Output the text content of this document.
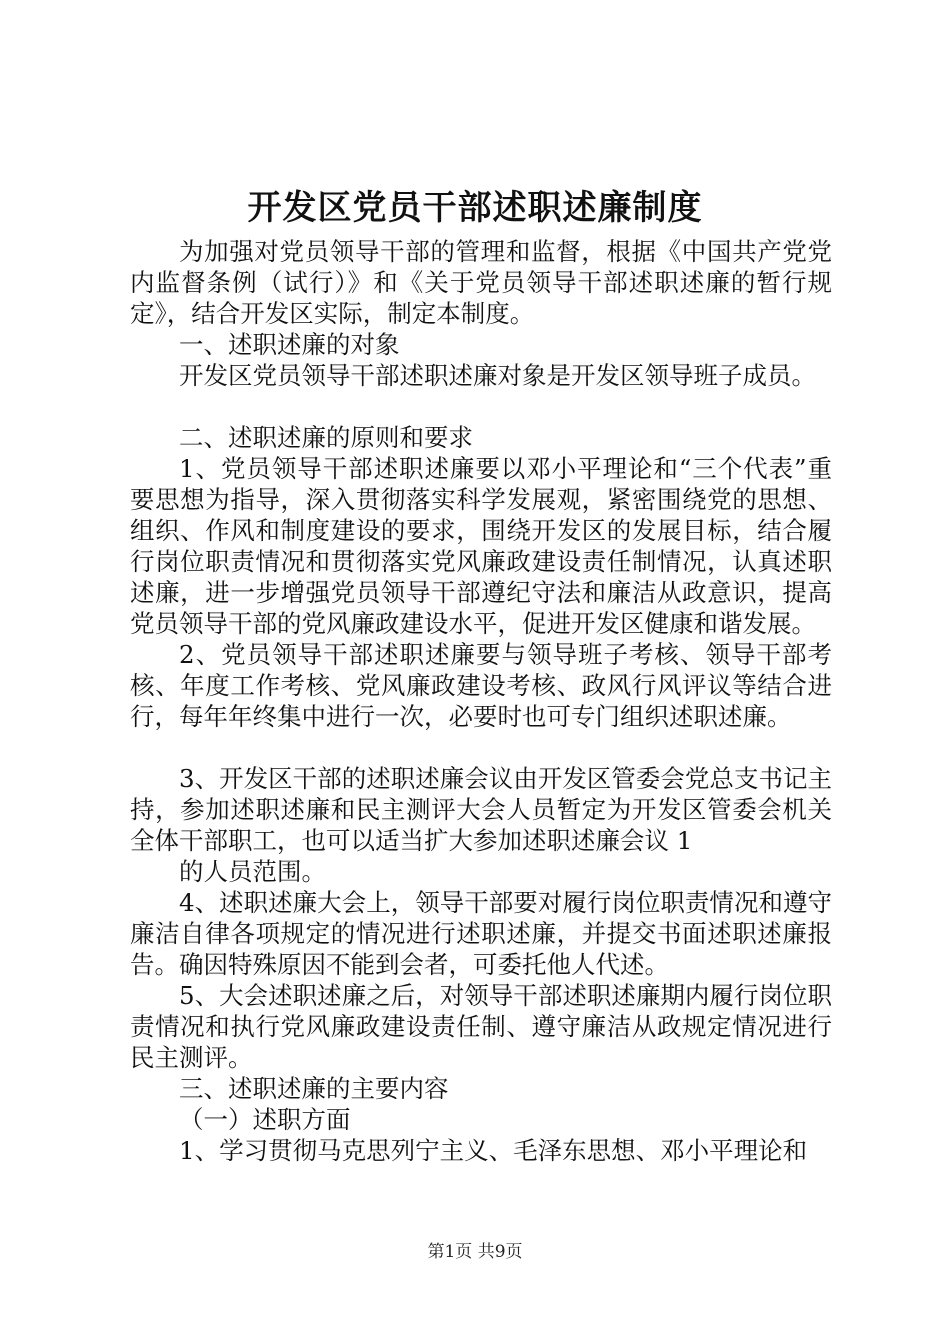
开发区党员干部述职述廉制度

为加强对党员领导干部的管理和监督，根据《中国共产党党内监督条例（试行）》和《关于党员领导干部述职述廉的暂行规定》，结合开发区实际，制定本制度。

一、述职述廉的对象

开发区党员领导干部述职述廉对象是开发区领导班子成员。

二、述职述廉的原则和要求

1、党员领导干部述职述廉要以邓小平理论和“三个代表”重要思想为指导，深入贯彻落实科学发展观，紧密围绕党的思想、组织、作风和制度建设的要求，围绕开发区的发展目标，结合履行岗位职责情况和贯彻落实党风廉政建设责任制情况，认真述职述廉，进一步增强党员领导干部遵纪守法和廉洁从政意识，提高党员领导干部的党风廉政建设水平，促进开发区健康和谐发展。

2、党员领导干部述职述廉要与领导班子考核、领导干部考核、年度工作考核、党风廉政建设考核、政风行风评议等结合进行，每年年终集中进行一次，必要时也可专门组织述职述廉。

3、开发区干部的述职述廉会议由开发区管委会党总支书记主持，参加述职述廉和民主测评大会人员暂定为开发区管委会机关全体干部职工，也可以适当扩大参加述职述廉会议 1

的人员范围。

4、述职述廉大会上，领导干部要对履行岗位职责情况和遵守廉洁自律各项规定的情况进行述职述廉，并提交书面述职述廉报告。确因特殊原因不能到会者，可委托他人代述。

5、大会述职述廉之后，对领导干部述职述廉期内履行岗位职责情况和执行党风廉政建设责任制、遵守廉洁从政规定情况进行民主测评。

三、述职述廉的主要内容

（一）述职方面

1、学习贯彻马克思列宁主义、毛泽东思想、邓小平理论和

第1页 共9页
